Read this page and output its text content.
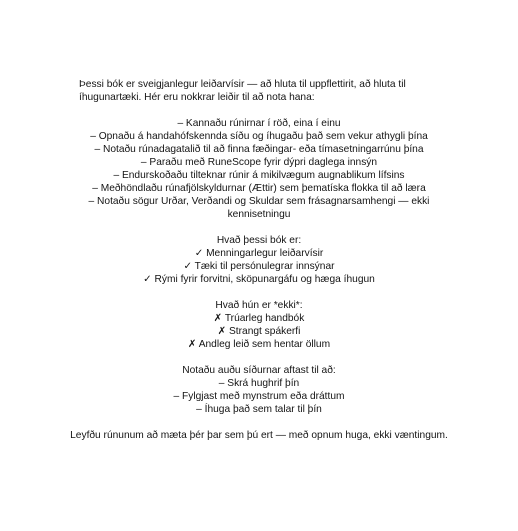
Þessi bók er sveigjanlegur leiðarvísir — að hluta til uppflettirit, að hluta til
íhugunartæki. Hér eru nokkrar leiðir til að nota hana:
– Kannaðu rúnirnar í röð, eina í einu
– Opnaðu á handahófskennda síðu og íhugaðu það sem vekur athygli þína
– Notaðu rúnadagatalið til að finna fæðingar- eða tímasetningarrúnu þína
– Paraðu með RuneScope fyrir dýpri daglega innsýn
– Endurskoðaðu tilteknar rúnir á mikilvægum augnablikum lífsins
– Meðhöndlaðu rúnafjölskyldurnar (Ættir) sem þematíska flokka til að læra
– Notaðu sögur Urðar, Verðandi og Skuldar sem frásagnarsamhengi — ekki
kennisetningu
Hvað þessi bók er:
✓ Menningarlegur leiðarvísir
✓ Tæki til persónulegrar innsýnar
✓ Rými fyrir forvitni, sköpunargáfu og hæga íhugun
Hvað hún er *ekki*:
✗ Trúarleg handbók
✗ Strangt spákerfi
✗ Andleg leið sem hentar öllum
Notaðu auðu síðurnar aftast til að:
– Skrá hughrif þín
– Fylgjast með mynstrum eða dráttum
– Íhuga það sem talar til þín
Leyfðu rúnunum að mæta þér þar sem þú ert — með opnum huga, ekki væntingum.
